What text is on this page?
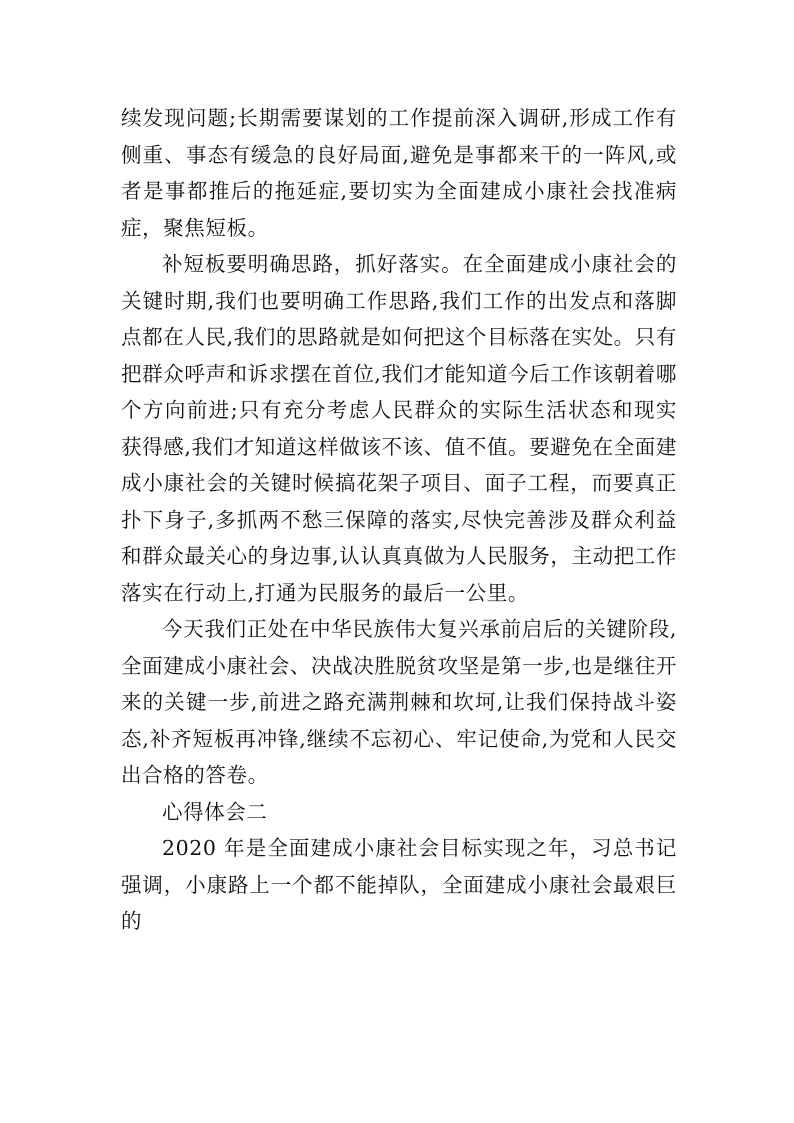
续发现问题;长期需要谋划的工作提前深入调研,形成工作有侧重、事态有缓急的良好局面,避免是事都来干的一阵风,或者是事都推后的拖延症,要切实为全面建成小康社会找准病症，聚焦短板。

补短板要明确思路，抓好落实。在全面建成小康社会的关键时期,我们也要明确工作思路,我们工作的出发点和落脚点都在人民,我们的思路就是如何把这个目标落在实处。只有把群众呼声和诉求摆在首位,我们才能知道今后工作该朝着哪个方向前进;只有充分考虑人民群众的实际生活状态和现实获得感,我们才知道这样做该不该、值不值。要避免在全面建成小康社会的关键时候搞花架子项目、面子工程，而要真正扑下身子,多抓两不愁三保障的落实,尽快完善涉及群众利益和群众最关心的身边事,认认真真做为人民服务，主动把工作落实在行动上,打通为民服务的最后一公里。

今天我们正处在中华民族伟大复兴承前启后的关键阶段,全面建成小康社会、决战决胜脱贫攻坚是第一步,也是继往开来的关键一步,前进之路充满荆棘和坎坷,让我们保持战斗姿态,补齐短板再冲锋,继续不忘初心、牢记使命,为党和人民交出合格的答卷。

心得体会二

2020 年是全面建成小康社会目标实现之年，习总书记强调，小康路上一个都不能掉队，全面建成小康社会最艰巨的
